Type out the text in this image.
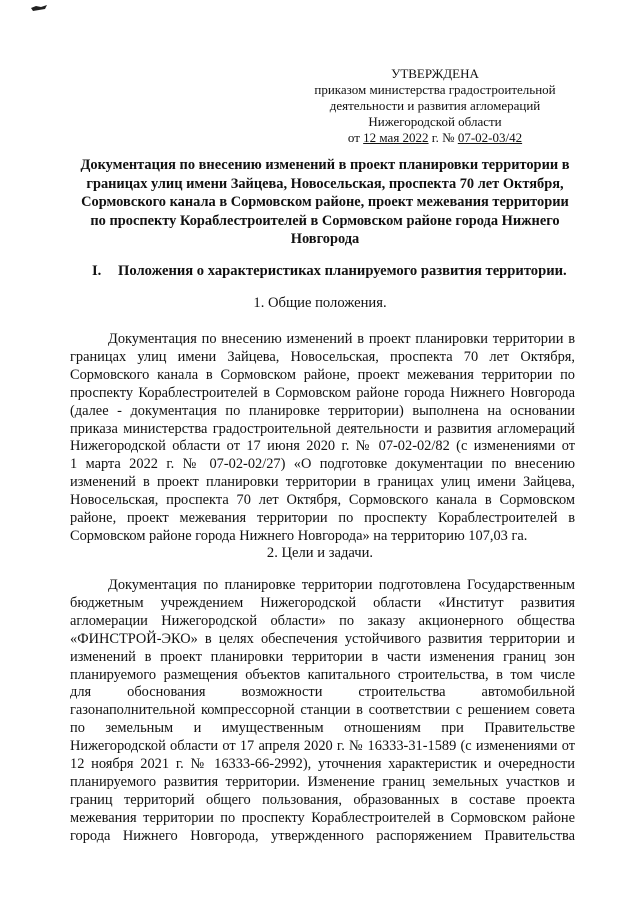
УТВЕРЖДЕНА
приказом министерства градостроительной
деятельности и развития агломераций
Нижегородской области
от 12 мая 2022 г. № 07-02-03/42
Документация по внесению изменений в проект планировки территории в
границах улиц имени Зайцева, Новосельская, проспекта 70 лет Октября,
Сормовского канала в Сормовском районе, проект межевания территории
по проспекту Кораблестроителей в Сормовском районе города Нижнего
Новгорода
I. Положения о характеристиках планируемого развития территории.
1. Общие положения.
Документация по внесению изменений в проект планировки территории в
границах улиц имени Зайцева, Новосельская, проспекта 70 лет Октября,
Сормовского канала в Сормовском районе, проект межевания территории по
проспекту Кораблестроителей в Сормовском районе города Нижнего Новгорода
(далее - документация по планировке территории) выполнена на основании
приказа министерства градостроительной деятельности и развития агломераций
Нижегородской области от 17 июня 2020 г. № 07-02-02/82 (с изменениями от
1 марта 2022 г. № 07-02-02/27) «О подготовке документации по внесению
изменений в проект планировки территории в границах улиц имени Зайцева,
Новосельская, проспекта 70 лет Октября, Сормовского канала в Сормовском
районе, проект межевания территории по проспекту Кораблестроителей в
Сормовском районе города Нижнего Новгорода» на территорию 107,03 га.
2. Цели и задачи.
Документация по планировке территории подготовлена Государственным
бюджетным учреждением Нижегородской области «Институт развития
агломерации Нижегородской области» по заказу акционерного общества
«ФИНСТРОЙ-ЭКО» в целях обеспечения устойчивого развития территории и
изменений в проект планировки территории в части изменения границ зон
планируемого размещения объектов капитального строительства, в том числе
для обоснования возможности строительства автомобильной
газонаполнительной компрессорной станции в соответствии с решением совета
по земельным и имущественным отношениям при Правительстве
Нижегородской области от 17 апреля 2020 г. № 16333-31-1589 (с изменениями от
12 ноября 2021 г. № 16333-66-2992), уточнения характеристик и очередности
планируемого развития территории. Изменение границ земельных участков и
границ территорий общего пользования, образованных в составе проекта
межевания территории по проспекту Кораблестроителей в Сормовском районе
города Нижнего Новгорода, утвержденного распоряжением Правительства
